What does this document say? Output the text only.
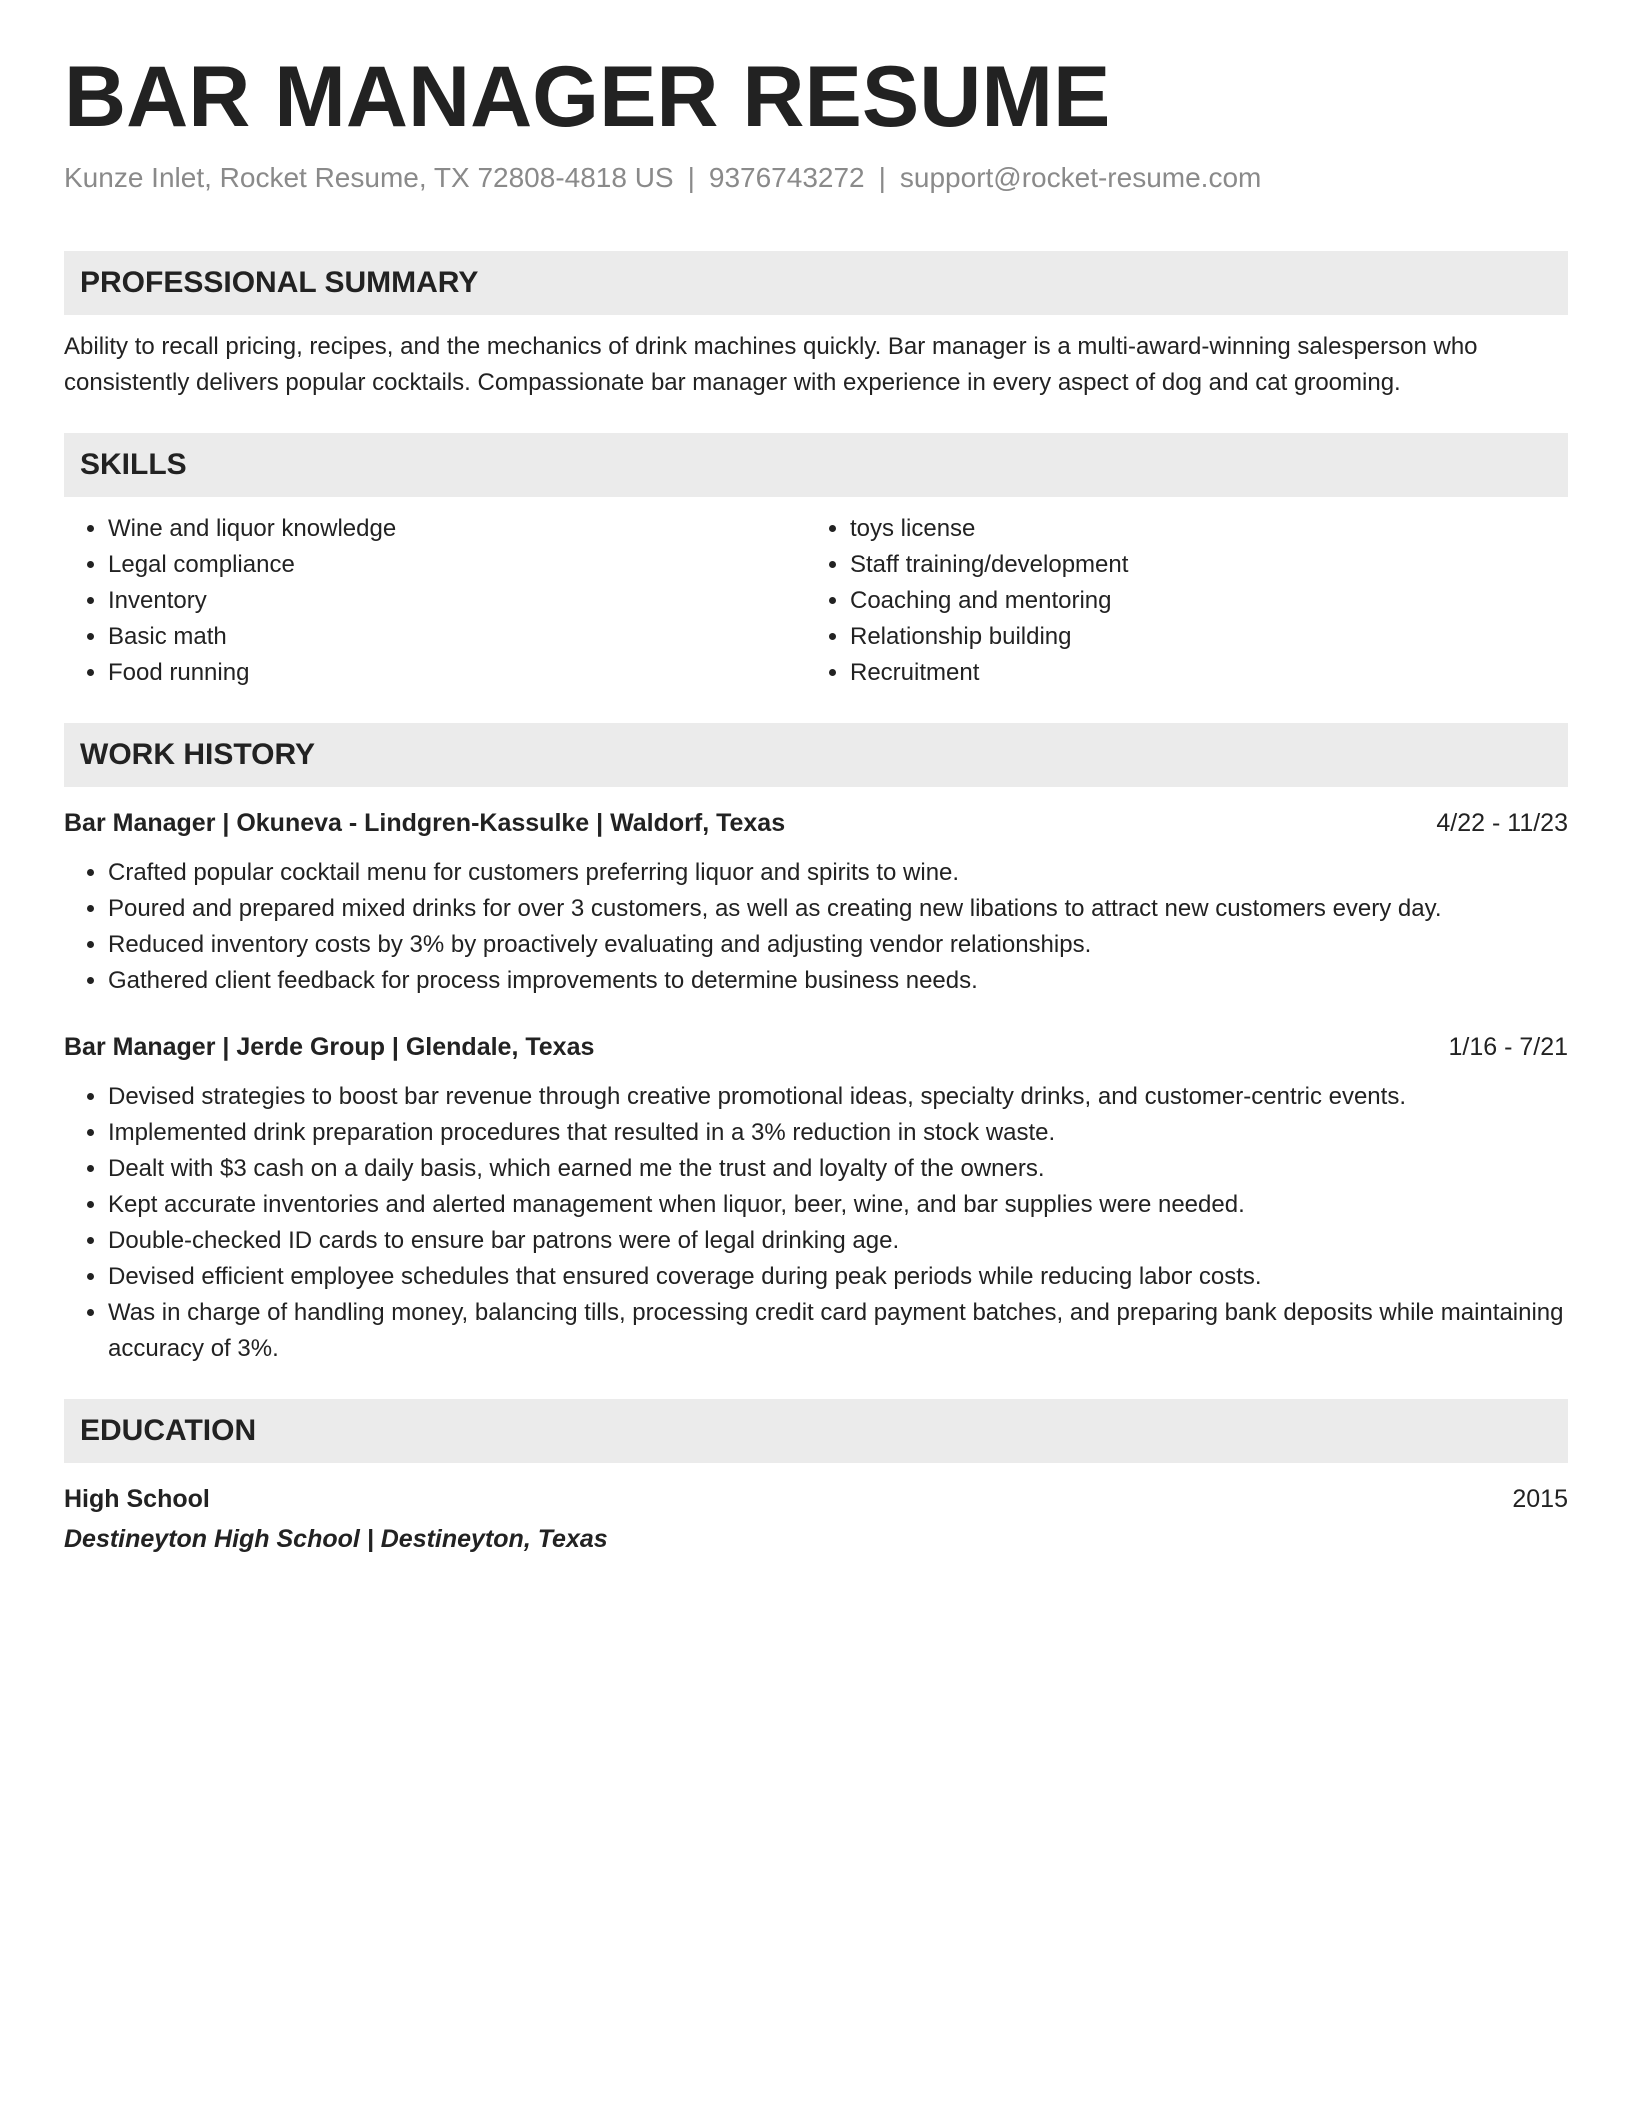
BAR MANAGER RESUME
Kunze Inlet, Rocket Resume, TX 72808-4818 US | 9376743272 | support@rocket-resume.com
PROFESSIONAL SUMMARY
Ability to recall pricing, recipes, and the mechanics of drink machines quickly. Bar manager is a multi-award-winning salesperson who consistently delivers popular cocktails. Compassionate bar manager with experience in every aspect of dog and cat grooming.
SKILLS
• Wine and liquor knowledge
• Legal compliance
• Inventory
• Basic math
• Food running
• toys license
• Staff training/development
• Coaching and mentoring
• Relationship building
• Recruitment
WORK HISTORY
Bar Manager | Okuneva - Lindgren-Kassulke | Waldorf, Texas	4/22 - 11/23
• Crafted popular cocktail menu for customers preferring liquor and spirits to wine.
• Poured and prepared mixed drinks for over 3 customers, as well as creating new libations to attract new customers every day.
• Reduced inventory costs by 3% by proactively evaluating and adjusting vendor relationships.
• Gathered client feedback for process improvements to determine business needs.
Bar Manager | Jerde Group | Glendale, Texas	1/16 - 7/21
• Devised strategies to boost bar revenue through creative promotional ideas, specialty drinks, and customer-centric events.
• Implemented drink preparation procedures that resulted in a 3% reduction in stock waste.
• Dealt with $3 cash on a daily basis, which earned me the trust and loyalty of the owners.
• Kept accurate inventories and alerted management when liquor, beer, wine, and bar supplies were needed.
• Double-checked ID cards to ensure bar patrons were of legal drinking age.
• Devised efficient employee schedules that ensured coverage during peak periods while reducing labor costs.
• Was in charge of handling money, balancing tills, processing credit card payment batches, and preparing bank deposits while maintaining accuracy of 3%.
EDUCATION
High School	2015
Destineyton High School | Destineyton, Texas
